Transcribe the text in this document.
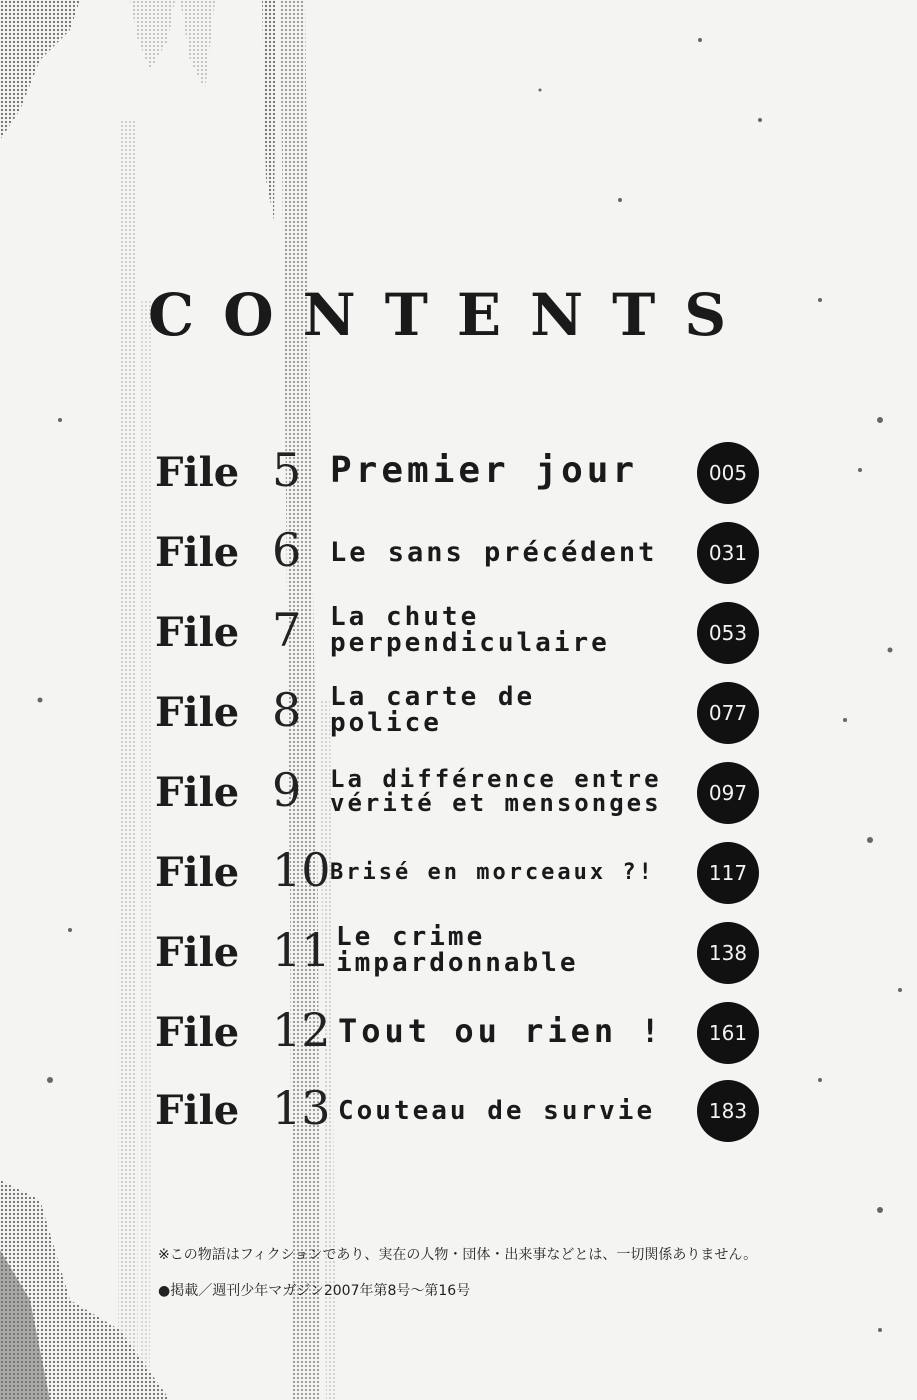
CONTENTS
File 5 Premier jour	005
File 6 Le sans précédent	031
File 7 La chute
perpendiculaire	053
File 8 La carte de
police	077
File 9 La différence entre
vérité et mensonges	097
File 10 Brisé en morceaux ?!	117
File 11 Le crime
impardonnable	138
File 12 Tout ou rien !	161
File 13 Couteau de survie	183
※この物語はフィクションであり、実在の人物・団体・出来事などとは、一切関係ありません。
●掲載／週刊少年マガジン2007年第8号～第16号
